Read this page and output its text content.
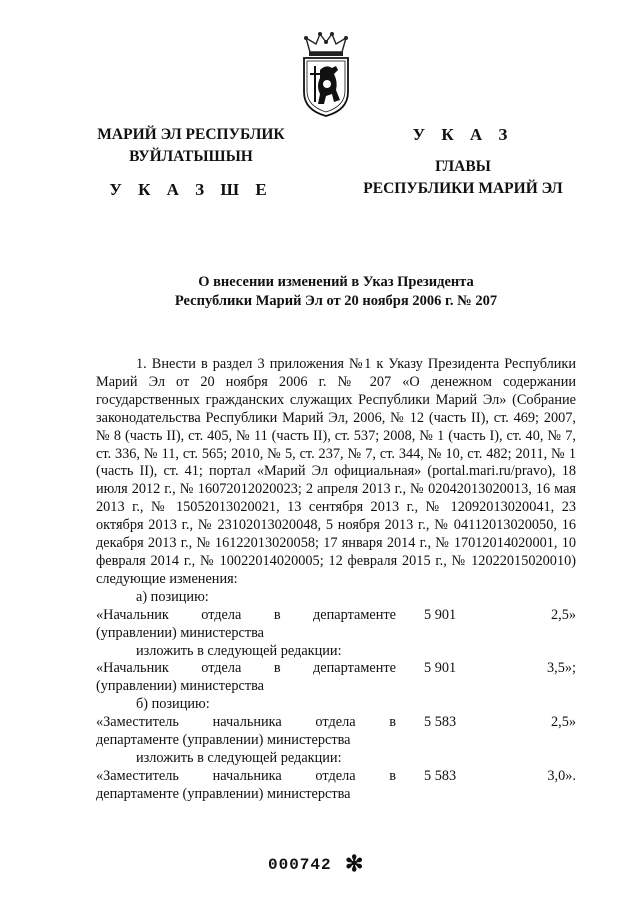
МАРИЙ ЭЛ РЕСПУБЛИК
ВУЙЛАТЫШЫН
У К А З Ш Е
У К А З
ГЛАВЫ
РЕСПУБЛИКИ МАРИЙ ЭЛ
О внесении изменений в Указ Президента
Республики Марий Эл от 20 ноября 2006 г. № 207

1. Внести в раздел 3 приложения №1 к Указу Президента Республики Марий Эл от 20 ноября 2006 г. № 207 «О денежном содержании государственных гражданских служащих Республики Марий Эл» (Собрание законодательства Республики Марий Эл, 2006, № 12 (часть II), ст. 469; 2007, № 8 (часть II), ст. 405, № 11 (часть II), ст. 537; 2008, № 1 (часть I), ст. 40, № 7, ст. 336, № 11, ст. 565; 2010, № 5, ст. 237, № 7, ст. 344, № 10, ст. 482; 2011, № 1 (часть II), ст. 41; портал «Марий Эл официальная» (portal.mari.ru/pravo), 18 июля 2012 г., № 16072012020023; 2 апреля 2013 г., № 02042013020013, 16 мая 2013 г., № 15052013020021, 13 сентября 2013 г., № 12092013020041, 23 октября 2013 г., № 23102013020048, 5 ноября 2013 г., № 04112013020050, 16 декабря 2013 г., № 16122013020058; 17 января 2014 г., № 17012014020001, 10 февраля 2014 г., № 10022014020005; 12 февраля 2015 г., № 12022015020010) следующие изменения:

а) позицию:

«Начальник отдела в департаменте
(управлении) министерства
5 901	2,5»

изложить в следующей редакции:

«Начальник отдела в департаменте
(управлении) министерства
5 901	3,5»;

б) позицию:

«Заместитель начальника отдела в
департаменте (управлении) министерства
5 583	2,5»

изложить в следующей редакции:

«Заместитель начальника отдела в
департаменте (управлении) министерства
5 583	3,0».
000742 ✻
